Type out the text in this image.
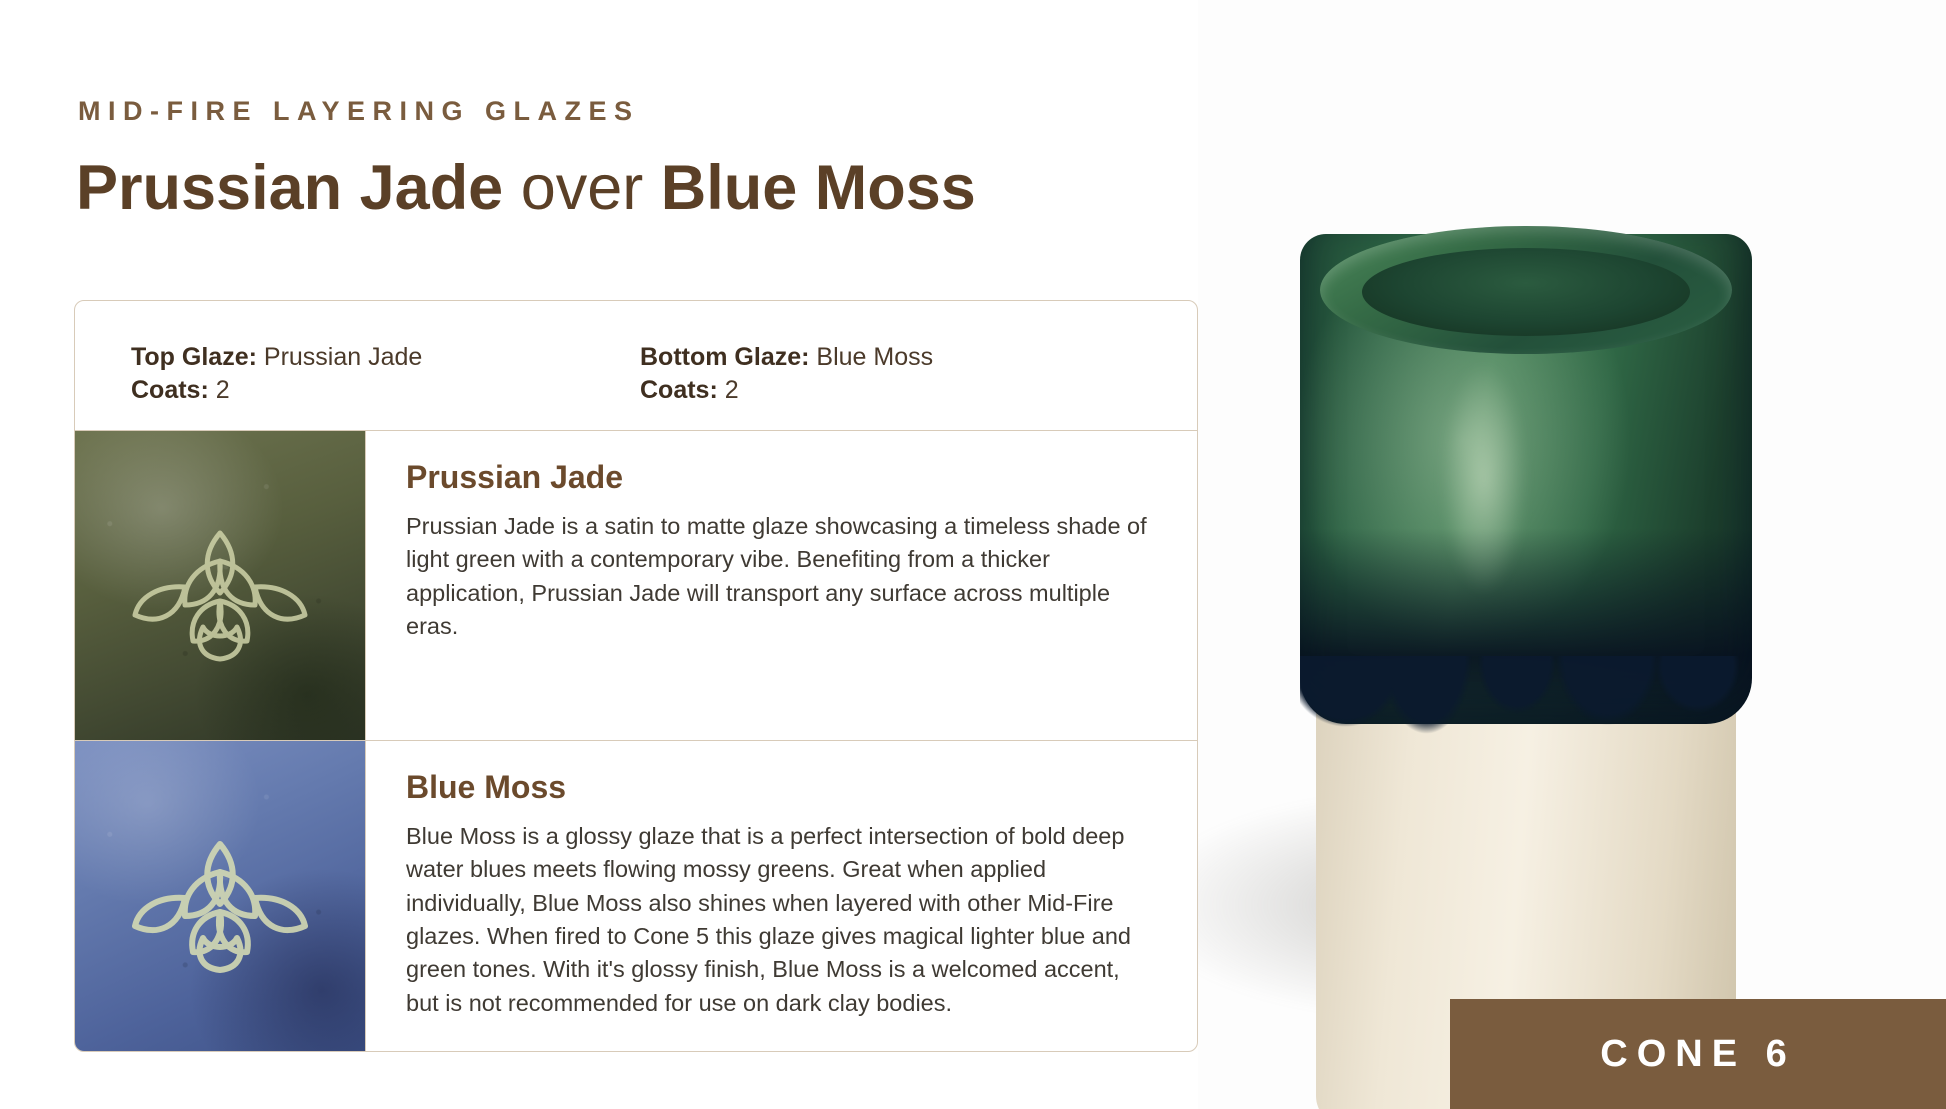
MID-FIRE LAYERING GLAZES
Prussian Jade over Blue Moss
Top Glaze: Prussian Jade
Coats: 2
Bottom Glaze: Blue Moss
Coats: 2
Prussian Jade
Prussian Jade is a satin to matte glaze showcasing a timeless shade of light green with a contemporary vibe. Benefiting from a thicker application, Prussian Jade will transport any surface across multiple eras.
Blue Moss
Blue Moss is a glossy glaze that is a perfect intersection of bold deep water blues meets flowing mossy greens. Great when applied individually, Blue Moss also shines when layered with other Mid-Fire glazes. When fired to Cone 5 this glaze gives magical lighter blue and green tones. With it's glossy finish, Blue Moss is a welcomed accent, but is not recommended for use on dark clay bodies.
CONE 6
